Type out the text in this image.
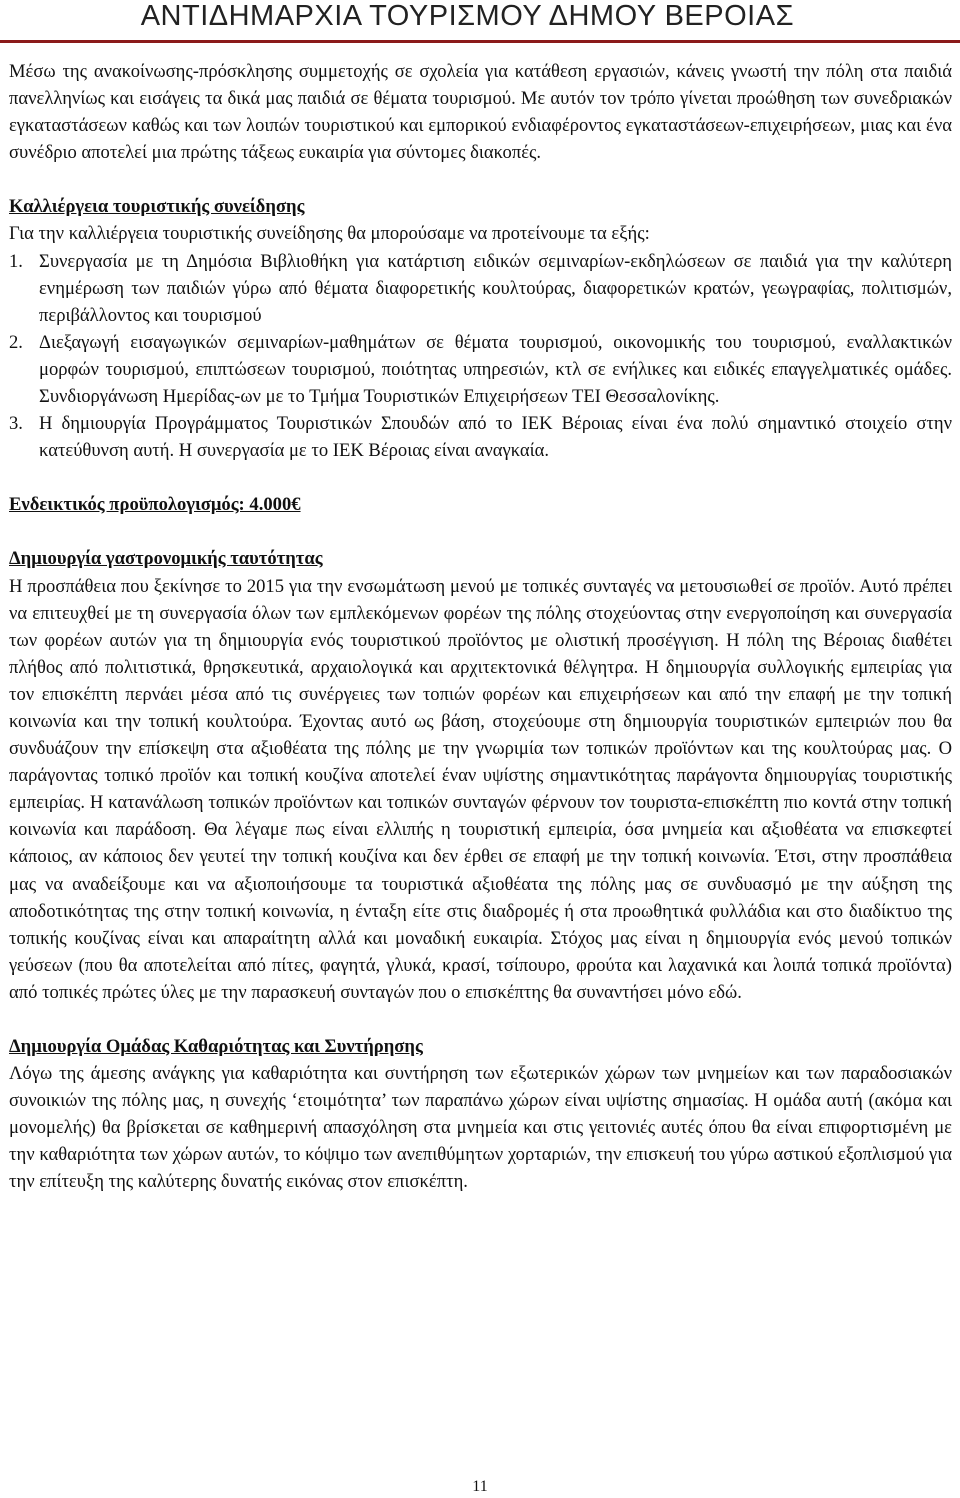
ΑΝΤΙΔΗΜΑΡΧΙΑ ΤΟΥΡΙΣΜΟΥ ΔΗΜΟΥ ΒΕΡΟΙΑΣ

Μέσω της ανακοίνωσης-πρόσκλησης συμμετοχής σε σχολεία για κατάθεση εργασιών, κάνεις γνωστή την πόλη στα παιδιά πανελληνίως και εισάγεις τα δικά μας παιδιά σε θέματα τουρισμού. Με αυτόν τον τρόπο γίνεται προώθηση των συνεδριακών εγκαταστάσεων καθώς και των λοιπών τουριστικού και εμπορικού ενδιαφέροντος εγκαταστάσεων-επιχειρήσεων, μιας και ένα συνέδριο αποτελεί μια πρώτης τάξεως ευκαιρία για σύντομες διακοπές.

Καλλιέργεια τουριστικής συνείδησης

Για την καλλιέργεια τουριστικής συνείδησης θα μπορούσαμε να προτείνουμε τα εξής:

1. Συνεργασία με τη Δημόσια Βιβλιοθήκη για κατάρτιση ειδικών σεμιναρίων-εκδηλώσεων σε παιδιά για την καλύτερη ενημέρωση των παιδιών γύρω από θέματα διαφορετικής κουλτούρας, διαφορετικών κρατών, γεωγραφίας, πολιτισμών, περιβάλλοντος και τουρισμού
2. Διεξαγωγή εισαγωγικών σεμιναρίων-μαθημάτων σε θέματα τουρισμού, οικονομικής του τουρισμού, εναλλακτικών μορφών τουρισμού, επιπτώσεων τουρισμού, ποιότητας υπηρεσιών, κτλ σε ενήλικες και ειδικές επαγγελματικές ομάδες. Συνδιοργάνωση Ημερίδας-ων με το Τμήμα Τουριστικών Επιχειρήσεων ΤΕΙ Θεσσαλονίκης.
3. Η δημιουργία Προγράμματος Τουριστικών Σπουδών από το ΙΕΚ Βέροιας είναι ένα πολύ σημαντικό στοιχείο στην κατεύθυνση αυτή. Η συνεργασία με το ΙΕΚ Βέροιας είναι αναγκαία.

Ενδεικτικός προϋπολογισμός: 4.000€

Δημιουργία γαστρονομικής ταυτότητας

Η προσπάθεια που ξεκίνησε το 2015 για την ενσωμάτωση μενού με τοπικές συνταγές να μετουσιωθεί σε προϊόν. Αυτό πρέπει να επιτευχθεί με τη συνεργασία όλων των εμπλεκόμενων φορέων της πόλης στοχεύοντας στην ενεργοποίηση και συνεργασία των φορέων αυτών για τη δημιουργία ενός τουριστικού προϊόντος με ολιστική προσέγγιση. Η πόλη της Βέροιας διαθέτει πλήθος από πολιτιστικά, θρησκευτικά, αρχαιολογικά και αρχιτεκτονικά θέλγητρα. Η δημιουργία συλλογικής εμπειρίας για τον επισκέπτη περνάει μέσα από τις συνέργειες των τοπιών φορέων και επιχειρήσεων και από την επαφή με την τοπική κοινωνία και την τοπική κουλτούρα. Έχοντας αυτό ως βάση, στοχεύουμε στη δημιουργία τουριστικών εμπειριών που θα συνδυάζουν την επίσκεψη στα αξιοθέατα της πόλης με την γνωριμία των τοπικών προϊόντων και της κουλτούρας μας. Ο παράγοντας τοπικό προϊόν και τοπική κουζίνα αποτελεί έναν υψίστης σημαντικότητας παράγοντα δημιουργίας τουριστικής εμπειρίας. Η κατανάλωση τοπικών προϊόντων και τοπικών συνταγών φέρνουν τον τουριστα-επισκέπτη πιο κοντά στην τοπική κοινωνία και παράδοση. Θα λέγαμε πως είναι ελλιπής η τουριστική εμπειρία, όσα μνημεία και αξιοθέατα να επισκεφτεί κάποιος, αν κάποιος δεν γευτεί την τοπική κουζίνα και δεν έρθει σε επαφή με την τοπική κοινωνία. Έτσι, στην προσπάθεια μας να αναδείξουμε και να αξιοποιήσουμε τα τουριστικά αξιοθέατα της πόλης μας σε συνδυασμό με την αύξηση της αποδοτικότητας της στην τοπική κοινωνία, η ένταξη είτε στις διαδρομές ή στα προωθητικά φυλλάδια και στο διαδίκτυο της τοπικής κουζίνας είναι και απαραίτητη αλλά και μοναδική ευκαιρία. Στόχος μας είναι η δημιουργία ενός μενού τοπικών γεύσεων (που θα αποτελείται από πίτες, φαγητά, γλυκά, κρασί, τσίπουρο, φρούτα και λαχανικά και λοιπά τοπικά προϊόντα) από τοπικές πρώτες ύλες με την παρασκευή συνταγών που ο επισκέπτης θα συναντήσει μόνο εδώ.

Δημιουργία Ομάδας Καθαριότητας και Συντήρησης

Λόγω της άμεσης ανάγκης για καθαριότητα και συντήρηση των εξωτερικών χώρων των μνημείων και των παραδοσιακών συνοικιών της πόλης μας, η συνεχής ‘ετοιμότητα’ των παραπάνω χώρων είναι υψίστης σημασίας. Η ομάδα αυτή (ακόμα και μονομελής) θα βρίσκεται σε καθημερινή απασχόληση στα μνημεία και στις γειτονιές αυτές όπου θα είναι επιφορτισμένη με την καθαριότητα των χώρων αυτών, το κόψιμο των ανεπιθύμητων χορταριών, την επισκευή του γύρω αστικού εξοπλισμού για την επίτευξη της καλύτερης δυνατής εικόνας στον επισκέπτη.

11
